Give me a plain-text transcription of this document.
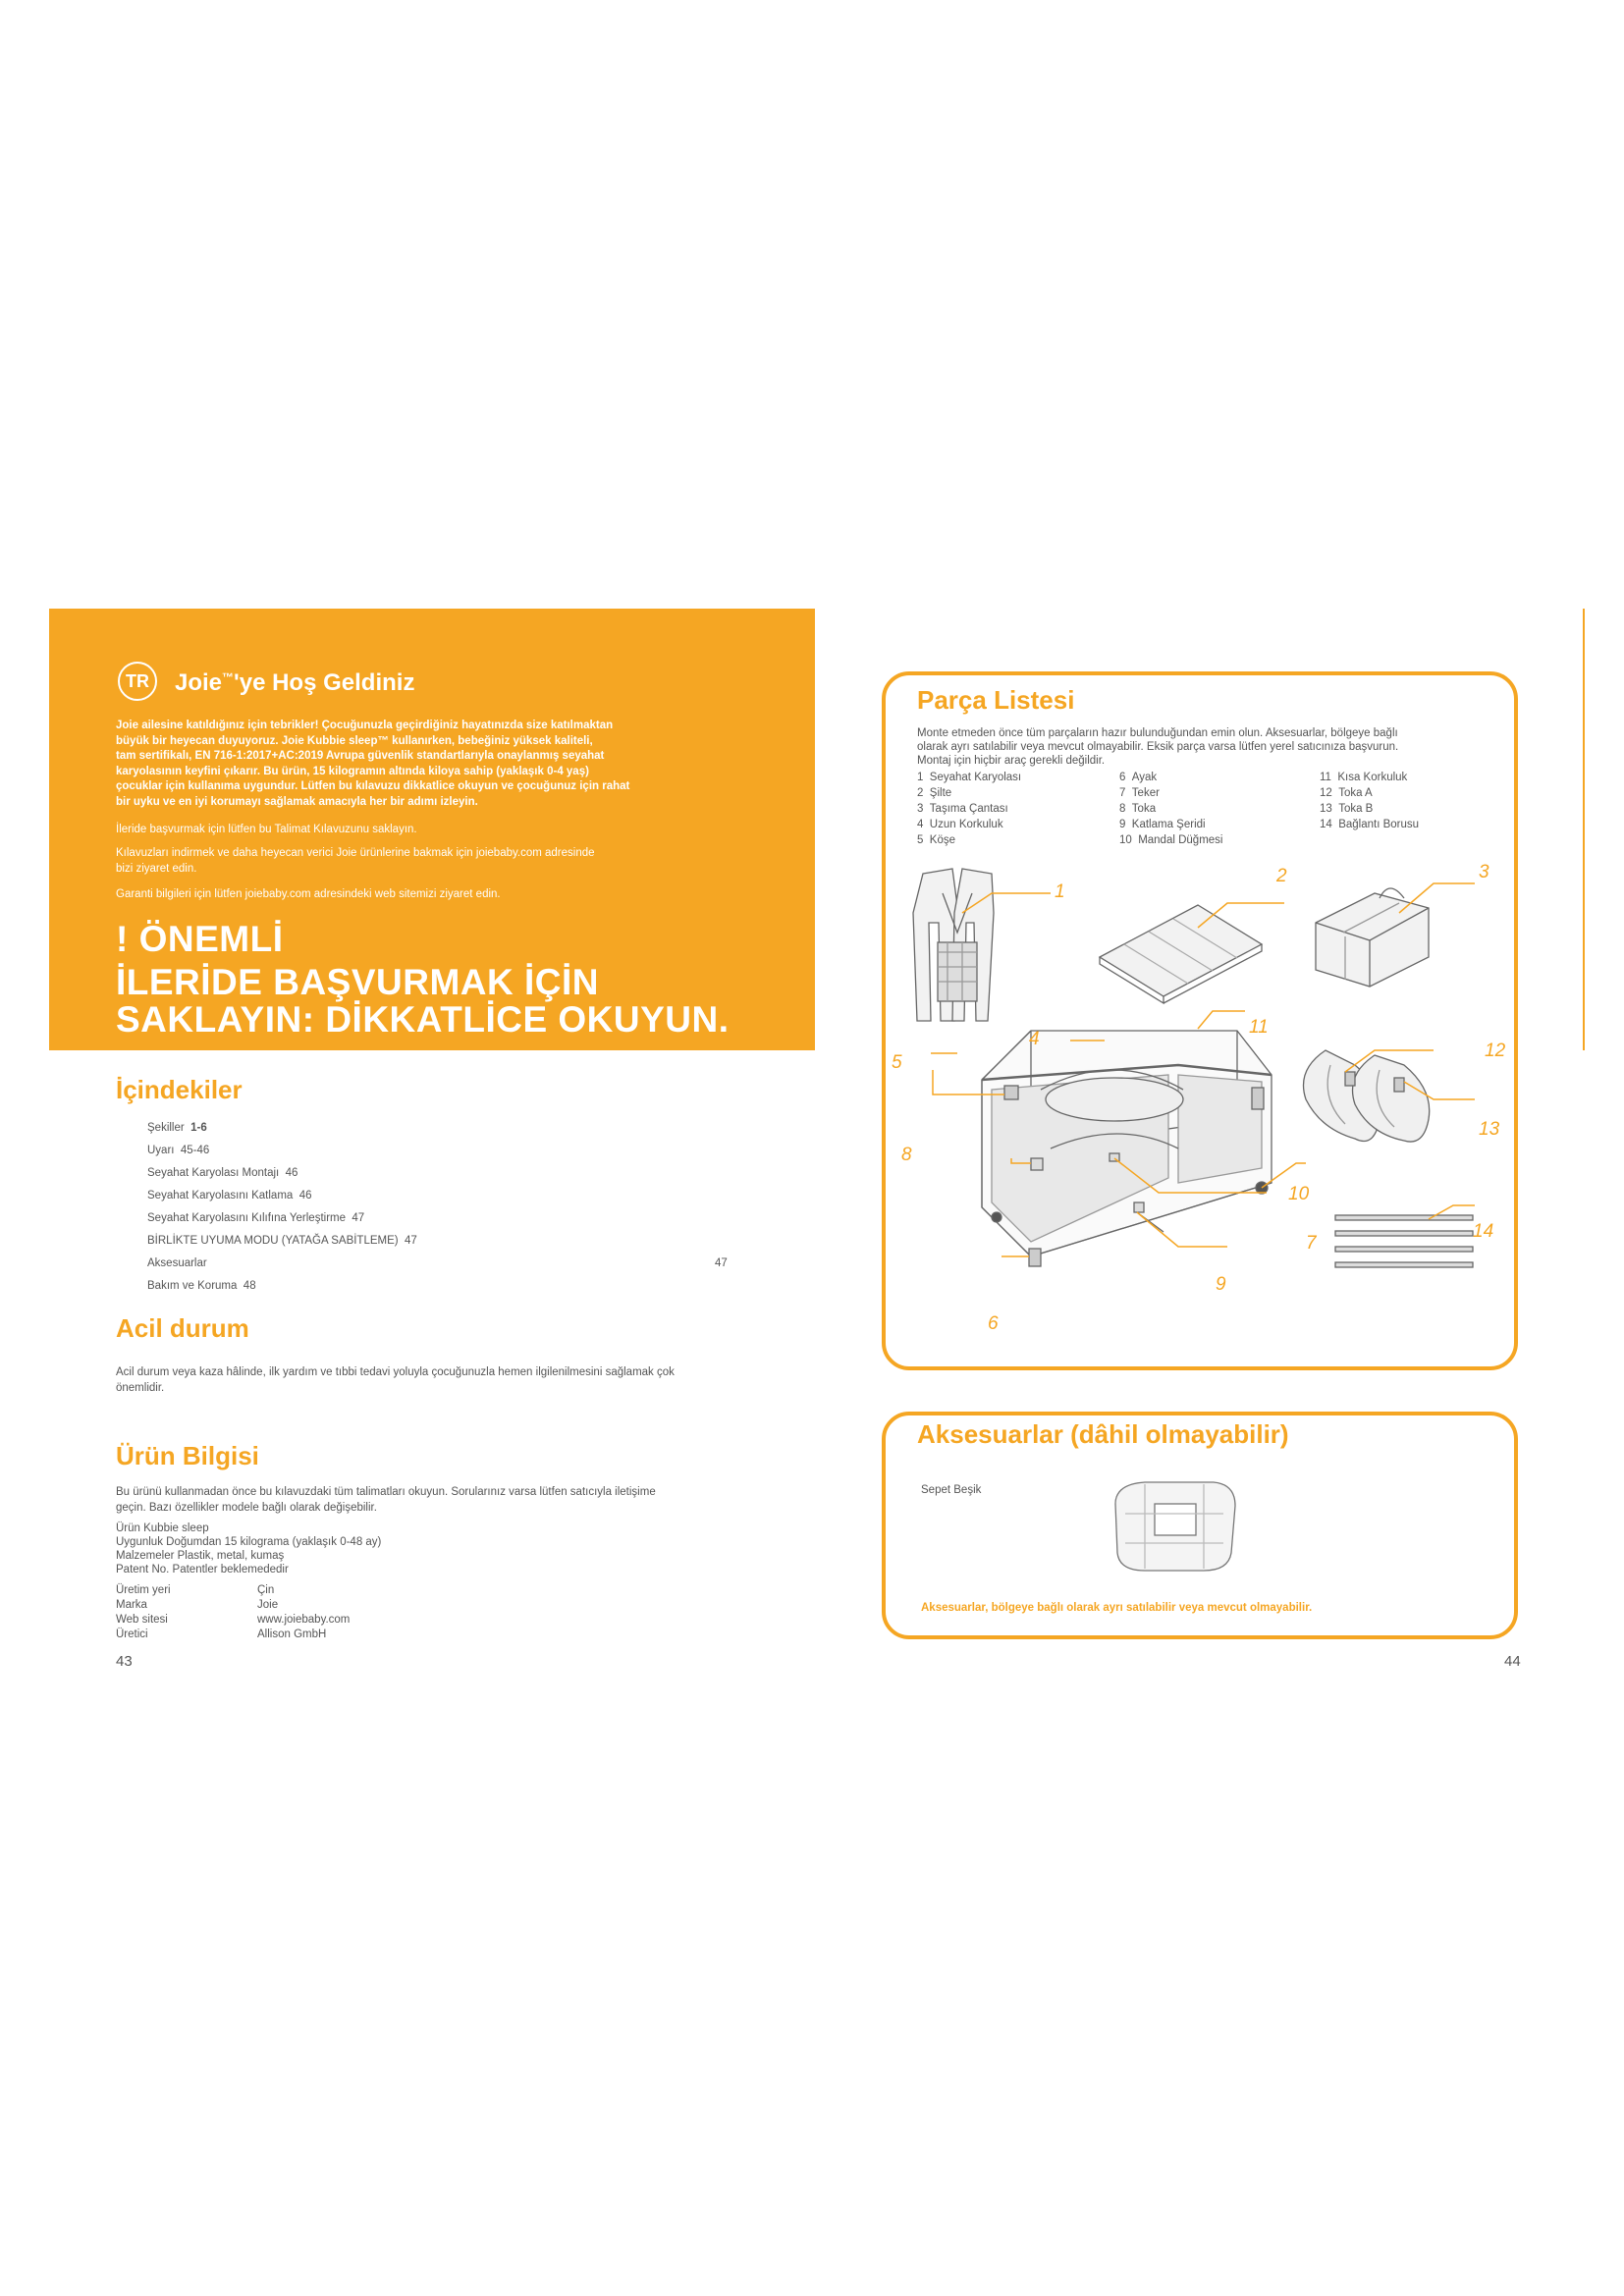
TR	Joie™'ye Hoş Geldiniz
Joie ailesine katıldığınız için tebrikler! Çocuğunuzla geçirdiğiniz hayatınızda size katılmaktan
büyük bir heyecan duyuyoruz. Joie Kubbie sleep™ kullanırken, bebeğiniz yüksek kaliteli,
tam sertifikalı, EN 716-1:2017+AC:2019 Avrupa güvenlik standartlarıyla onaylanmış seyahat
karyolasının keyfini çıkarır. Bu ürün, 15 kilogramın altında kiloya sahip (yaklaşık 0-4 yaş)
çocuklar için kullanıma uygundur. Lütfen bu kılavuzu dikkatlice okuyun ve çocuğunuz için rahat
bir uyku ve en iyi korumayı sağlamak amacıyla her bir adımı izleyin.
İleride başvurmak için lütfen bu Talimat Kılavuzunu saklayın.
Kılavuzları indirmek ve daha heyecan verici Joie ürünlerine bakmak için joiebaby.com adresinde
bizi ziyaret edin.
Garanti bilgileri için lütfen joiebaby.com adresindeki web sitemizi ziyaret edin.
! ÖNEMLİ
İLERİDE BAŞVURMAK İÇİN
SAKLAYIN: DİKKATLİCE OKUYUN.
İçindekiler
Şekiller 1-6
Uyarı 45-46
Seyahat Karyolası Montajı 46
Seyahat Karyolasını Katlama 46
Seyahat Karyolasını Kılıfına Yerleştirme 47
BİRLİKTE UYUMA MODU (YATAĞA SABİTLEME) 47
Aksesuarlar	47
Bakım ve Koruma 48
Acil durum
Acil durum veya kaza hâlinde, ilk yardım ve tıbbi tedavi yoluyla çocuğunuzla hemen ilgilenilmesini sağlamak çok
önemlidir.
Ürün Bilgisi
Bu ürünü kullanmadan önce bu kılavuzdaki tüm talimatları okuyun. Sorularınız varsa lütfen satıcıyla iletişime
geçin. Bazı özellikler modele bağlı olarak değişebilir.
Ürün Kubbie sleep
Uygunluk Doğumdan 15 kilograma (yaklaşık 0-48 ay)
Malzemeler Plastik, metal, kumaş
Patent No. Patentler beklemededir
Üretim yeri	Çin
Marka	Joie
Web sitesi	www.joiebaby.com
Üretici	Allison GmbH
43
Parça Listesi
Monte etmeden önce tüm parçaların hazır bulunduğundan emin olun. Aksesuarlar, bölgeye bağlı
olarak ayrı satılabilir veya mevcut olmayabilir. Eksik parça varsa lütfen yerel satıcınıza başvurun.
Montaj için hiçbir araç gerekli değildir.
1 Seyahat Karyolası
2 Şilte
3 Taşıma Çantası
4 Uzun Korkuluk
5 Köşe
6 Ayak
7 Teker
8 Toka
9 Katlama Şeridi
10 Mandal Düğmesi
11 Kısa Korkuluk
12 Toka A
13 Toka B
14 Bağlantı Borusu
1
2	3
4
5
6
7
8
9
10
11
12
13
14
Aksesuarlar (dâhil olmayabilir)
Sepet Beşik
Aksesuarlar, bölgeye bağlı olarak ayrı satılabilir veya mevcut olmayabilir.
44
